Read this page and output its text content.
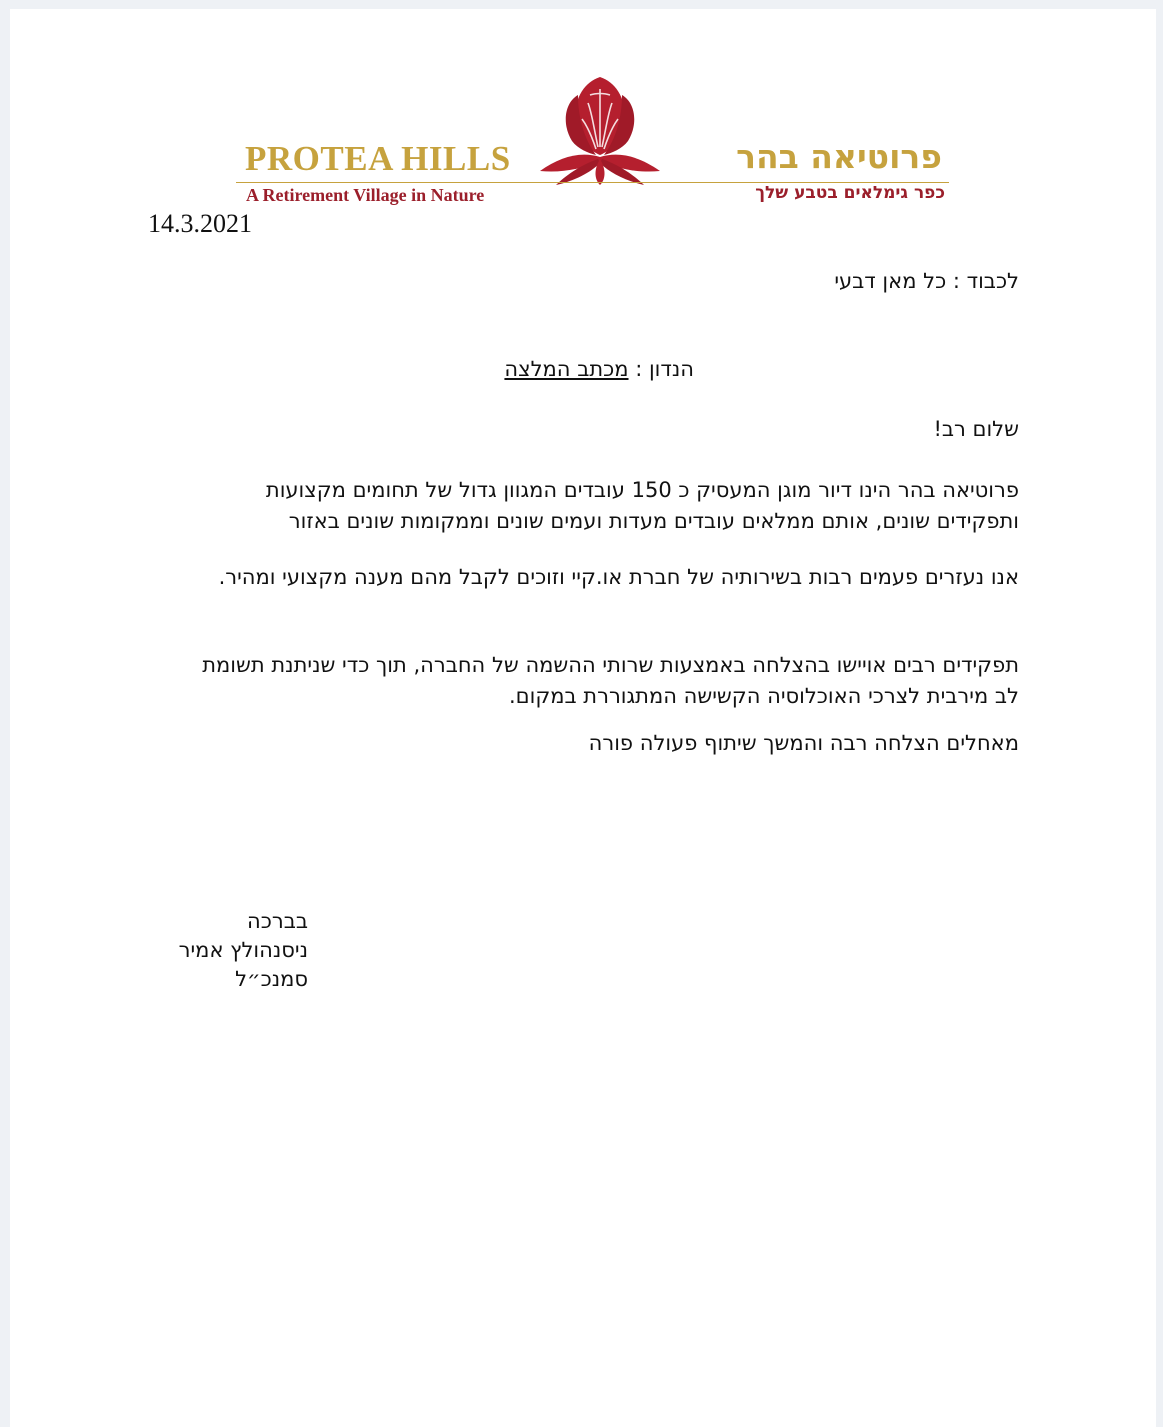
PROTEA HILLS	פרוטיאה בהר
A Retirement Village in Nature	כפר גימלאים בטבע שלך
14.3.2021
לכבוד : כל מאן דבעי
הנדון : מכתב המלצה
שלום רב!
פרוטיאה בהר הינו דיור מוגן המעסיק כ 150 עובדים המגוון גדול של תחומים מקצועות ותפקידים שונים, אותם ממלאים עובדים מעדות ועמים שונים וממקומות שונים באזור
אנו נעזרים פעמים רבות בשירותיה של חברת או.קיי וזוכים לקבל מהם מענה מקצועי ומהיר.
תפקידים רבים אויישו בהצלחה באמצעות שרותי ההשמה של החברה, תוך כדי שניתנת תשומת לב מירבית לצרכי האוכלוסיה הקשישה המתגוררת במקום.
מאחלים הצלחה רבה והמשך שיתוף פעולה פורה
בברכה
ניסנהולץ אמיר
סמנכ״ל
